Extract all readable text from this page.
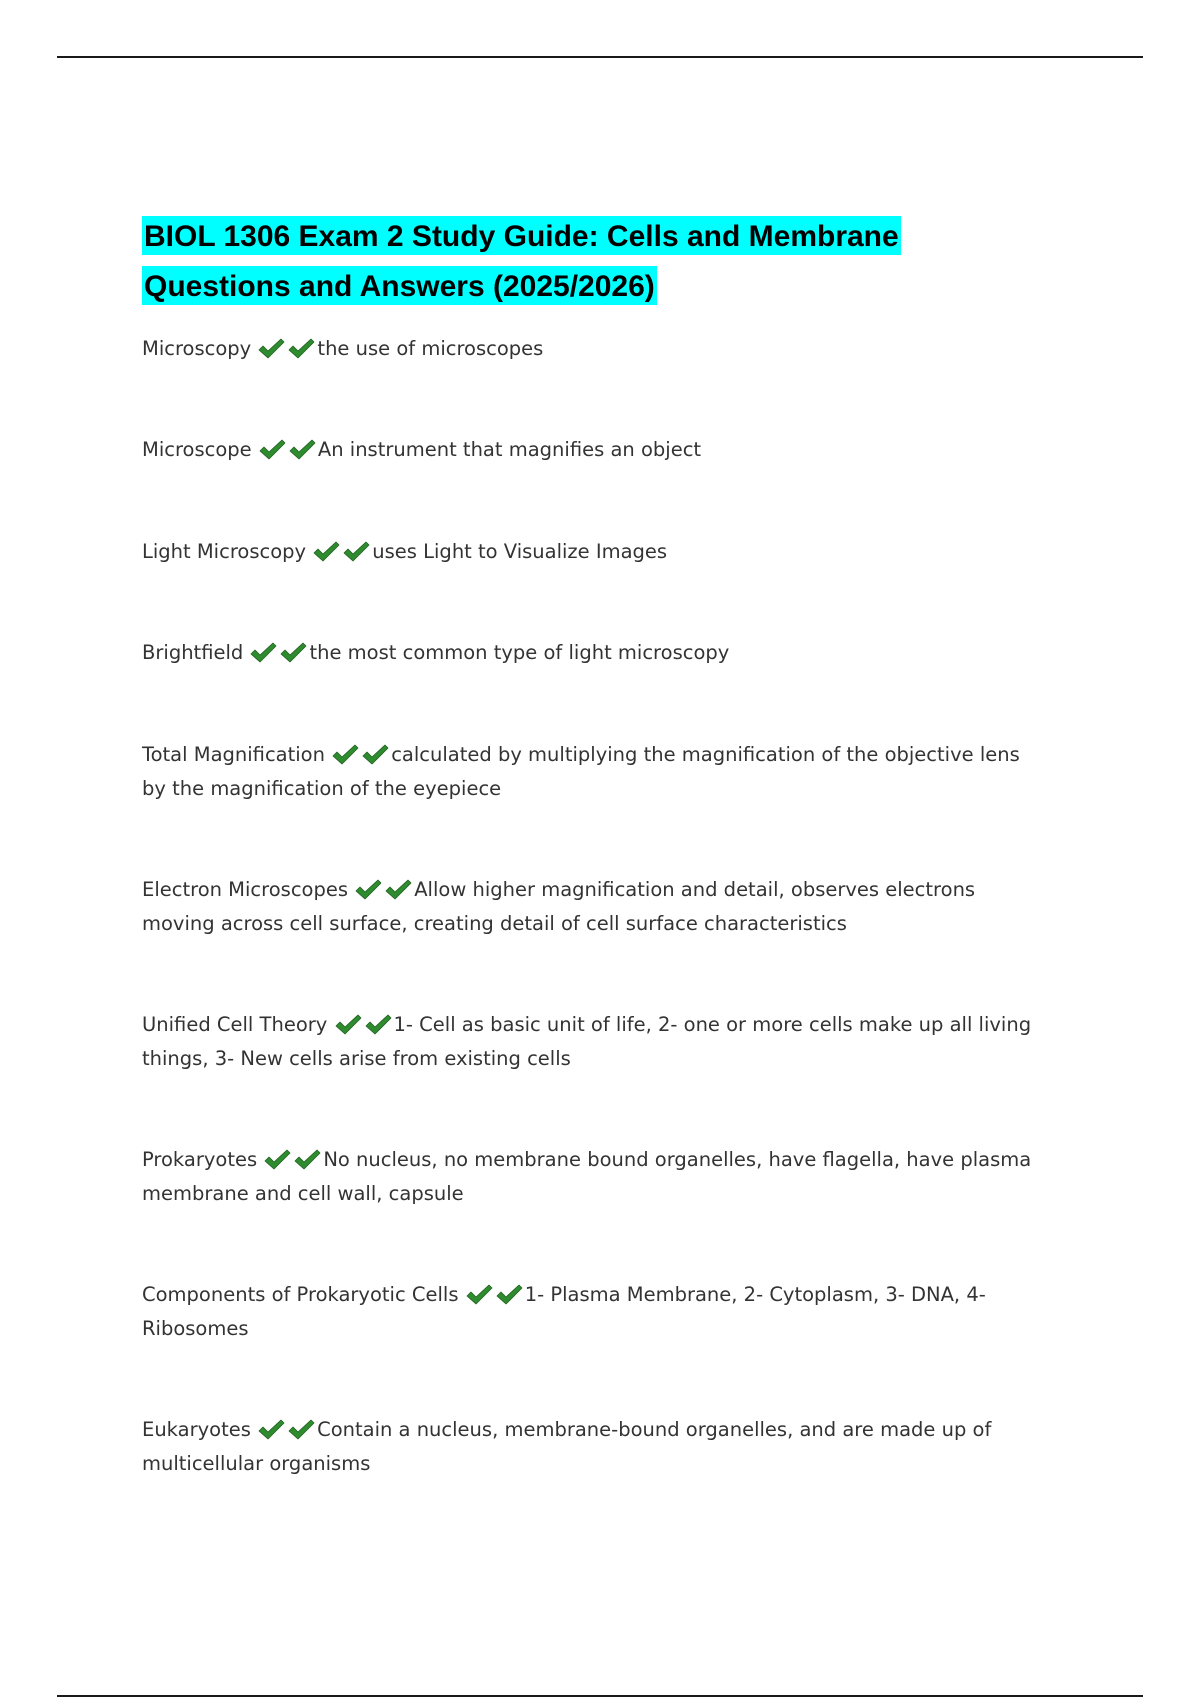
BIOL 1306 Exam 2 Study Guide: Cells and Membrane
Questions and Answers (2025/2026)

Microscopy	the use of microscopes

Microscope	An instrument that magnifies an object

Light Microscopy	uses Light to Visualize Images

Brightfield	the most common type of light microscopy

Total Magnification	calculated by multiplying the magnification of the objective lens by the magnification of the eyepiece

Electron Microscopes	Allow higher magnification and detail, observes electrons moving across cell surface, creating detail of cell surface characteristics

Unified Cell Theory	1- Cell as basic unit of life, 2- one or more cells make up all living things, 3- New cells arise from existing cells

Prokaryotes	No nucleus, no membrane bound organelles, have flagella, have plasma membrane and cell wall, capsule

Components of Prokaryotic Cells	1- Plasma Membrane, 2- Cytoplasm, 3- DNA, 4- Ribosomes

Eukaryotes	Contain a nucleus, membrane-bound organelles, and are made up of multicellular organisms
